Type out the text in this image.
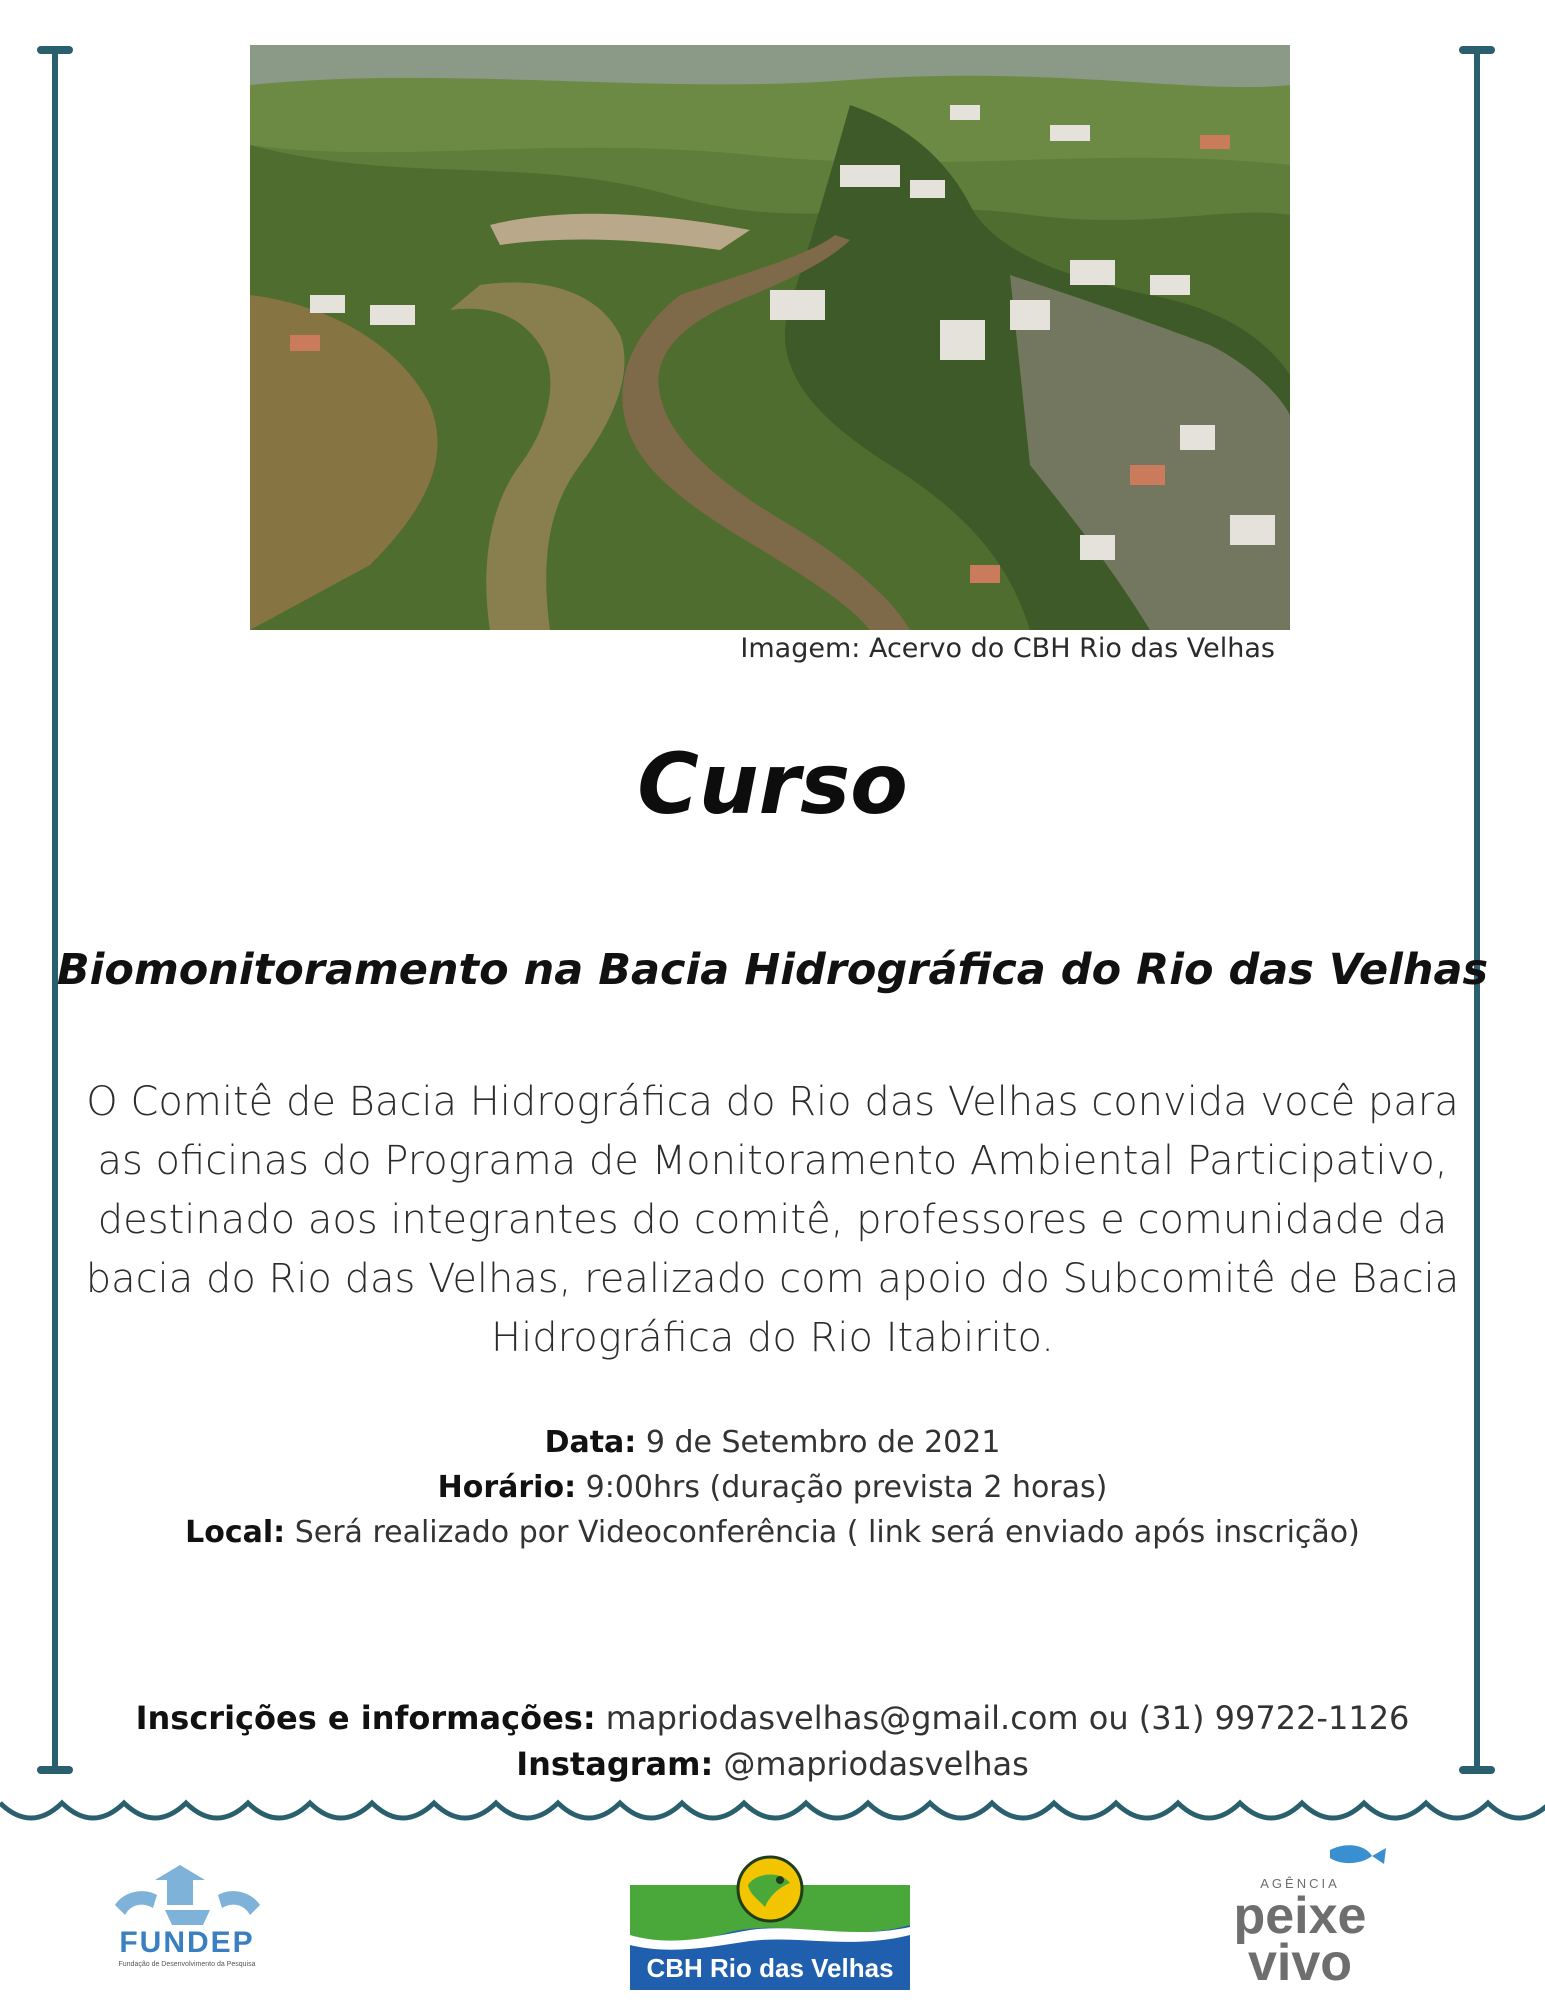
Imagem: Acervo do CBH Rio das Velhas
Curso
Biomonitoramento na Bacia Hidrográfica do Rio das Velhas
O Comitê de Bacia Hidrográfica do Rio das Velhas convida você para as oficinas do Programa de Monitoramento Ambiental Participativo, destinado aos integrantes do comitê, professores e comunidade da bacia do Rio das Velhas, realizado com apoio do Subcomitê de Bacia Hidrográfica do Rio Itabirito.
Data: 9 de Setembro de 2021
Horário: 9:00hrs (duração prevista 2 horas)
Local: Será realizado por Videoconferência ( link será enviado após inscrição)
Inscrições e informações: mapriodasvelhas@gmail.com ou (31) 99722-1126
Instagram: @mapriodasvelhas
FUNDEP
Fundação de Desenvolvimento da Pesquisa	CBH Rio das Velhas
AGÊNCIA
peixe
vivo
